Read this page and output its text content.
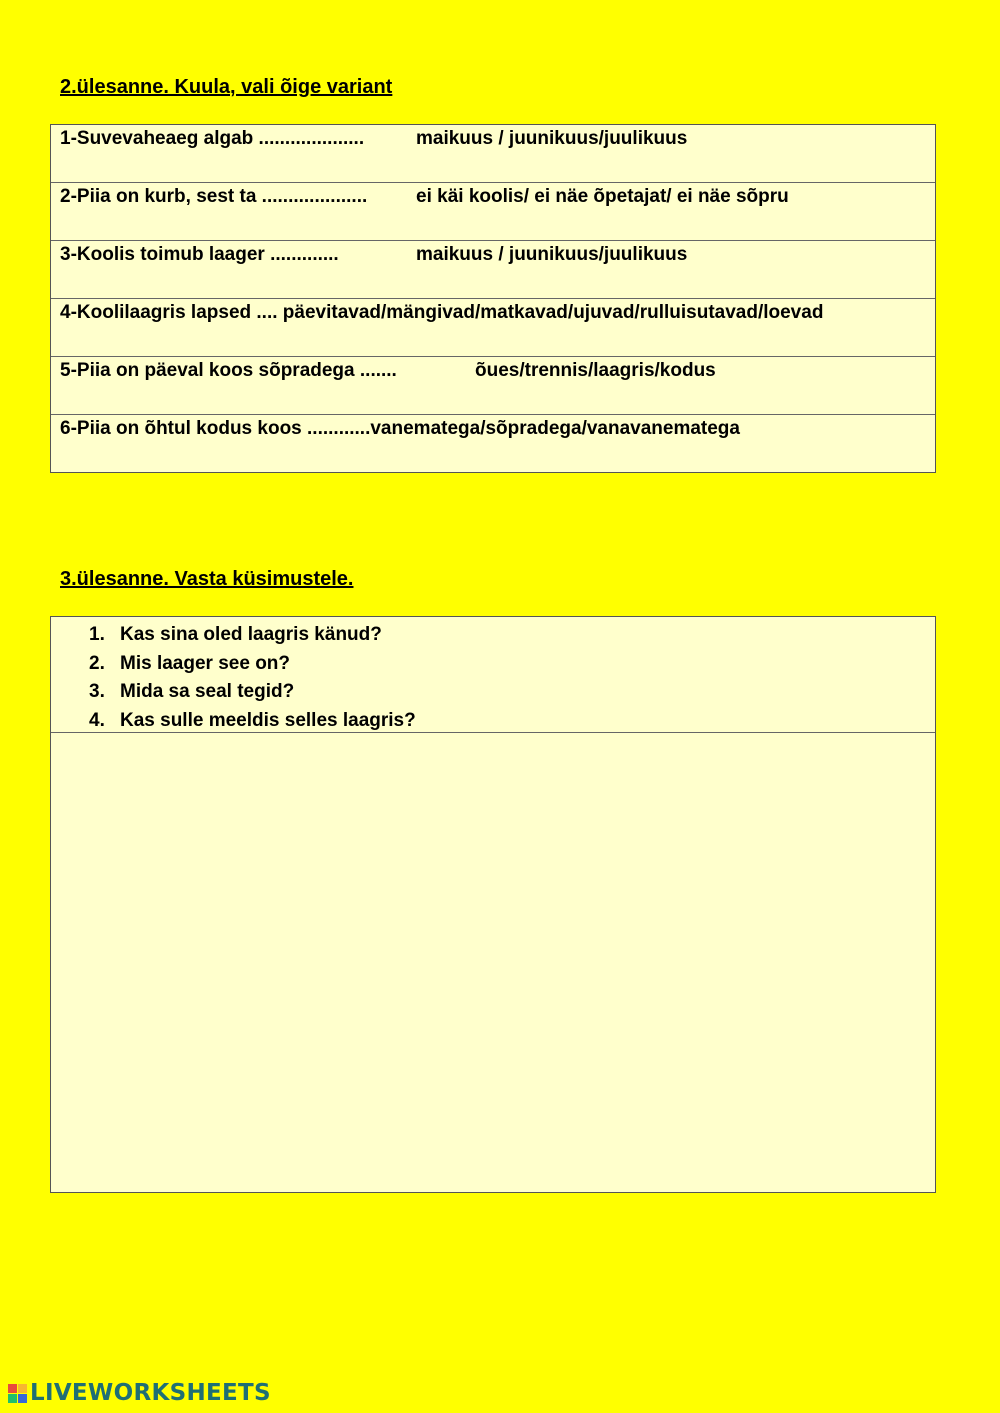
2.ülesanne. Kuula, vali õige variant
1-Suvevaheaeg algab ....................	maikuus / juunikuus/juulikuus
2-Piia on kurb, sest ta ....................	ei käi koolis/ ei näe õpetajat/ ei näe sõpru
3-Koolis toimub laager .............	maikuus / juunikuus/juulikuus
4-Koolilaagris lapsed .... päevitavad/mängivad/matkavad/ujuvad/rulluisutavad/loevad
5-Piia on päeval koos sõpradega .......	õues/trennis/laagris/kodus
6-Piia on õhtul kodus koos ............vanematega/sõpradega/vanavanematega
3.ülesanne. Vasta küsimustele.
1. Kas sina oled laagris känud?
2. Mis laager see on?
3. Mida sa seal tegid?
4. Kas sulle meeldis selles laagris?
LIVEWORKSHEETS
